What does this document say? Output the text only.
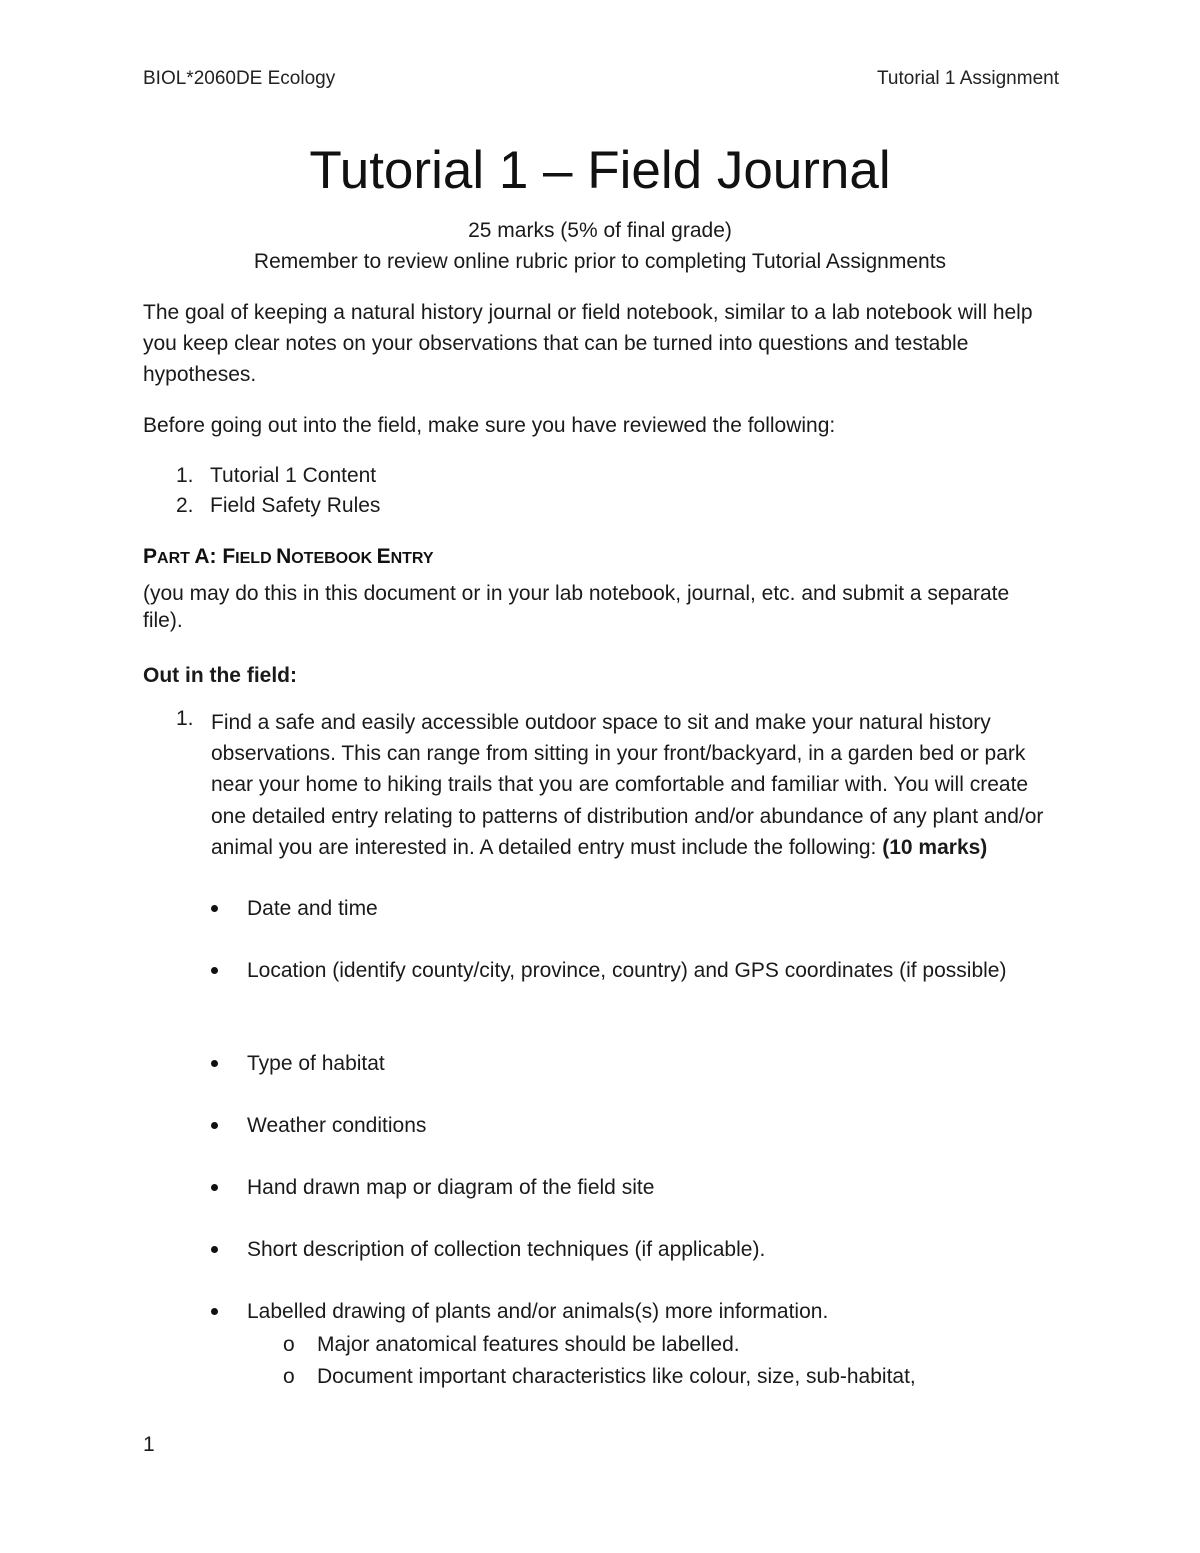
BIOL*2060DE Ecology	Tutorial 1 Assignment
Tutorial 1 – Field Journal
25 marks (5% of final grade)
Remember to review online rubric prior to completing Tutorial Assignments

The goal of keeping a natural history journal or field notebook, similar to a lab notebook will help you keep clear notes on your observations that can be turned into questions and testable hypotheses.

Before going out into the field, make sure you have reviewed the following:

1. Tutorial 1 Content
2. Field Safety Rules
PART A: FIELD NOTEBOOK ENTRY

(you may do this in this document or in your lab notebook, journal, etc. and submit a separate file).

Out in the field:
1. Find a safe and easily accessible outdoor space to sit and make your natural history observations. This can range from sitting in your front/backyard, in a garden bed or park near your home to hiking trails that you are comfortable and familiar with. You will create one detailed entry relating to patterns of distribution and/or abundance of any plant and/or animal you are interested in. A detailed entry must include the following: (10 marks)

Date and time
Location (identify county/city, province, country) and GPS coordinates (if possible)
Type of habitat
Weather conditions
Hand drawn map or diagram of the field site
Short description of collection techniques (if applicable).
Labelled drawing of plants and/or animals(s) more information.
o Major anatomical features should be labelled.
o Document important characteristics like colour, size, sub-habitat,
1
